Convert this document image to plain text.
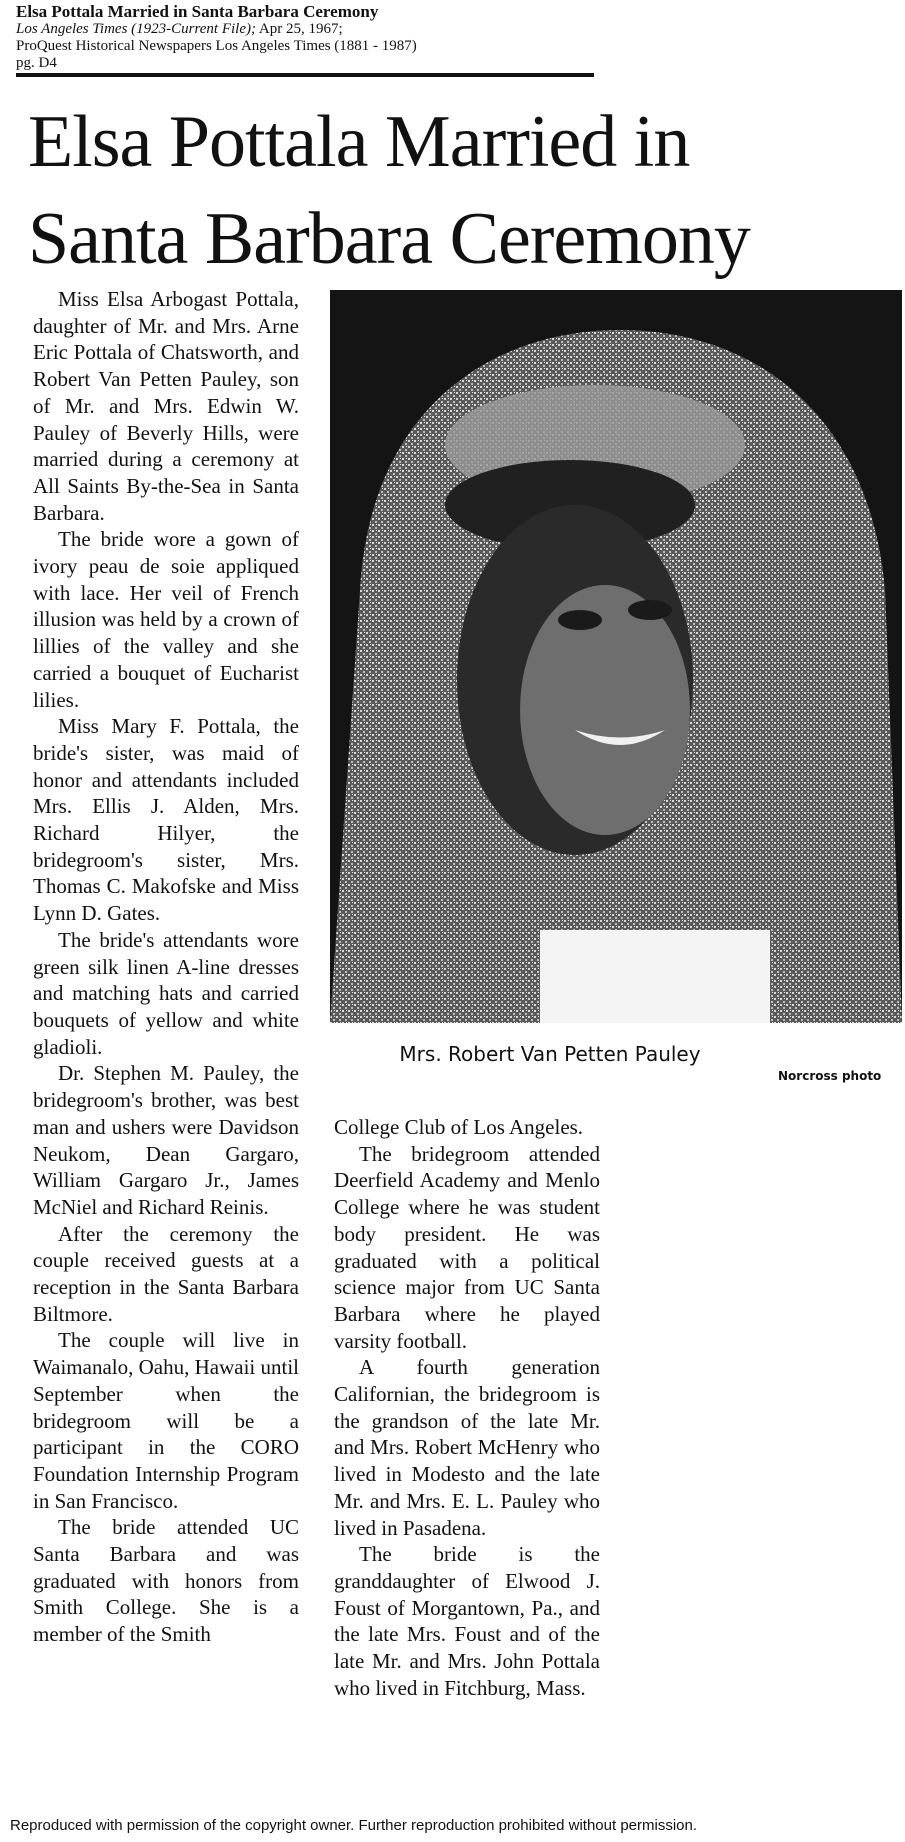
Elsa Pottala Married in Santa Barbara Ceremony
Los Angeles Times (1923-Current File); Apr 25, 1967;
ProQuest Historical Newspapers Los Angeles Times (1881 - 1987)
pg. D4
Elsa Pottala Married in
Santa Barbara Ceremony

Miss Elsa Arbogast Pottala, daughter of Mr. and Mrs. Arne Eric Pottala of Chatsworth, and Robert Van Petten Pauley, son of Mr. and Mrs. Edwin W. Pauley of Beverly Hills, were married during a ceremony at All Saints By-the-Sea in Santa Barbara.

The bride wore a gown of ivory peau de soie appliqued with lace. Her veil of French illusion was held by a crown of lillies of the valley and she carried a bouquet of Eucharist lilies.

Miss Mary F. Pottala, the bride's sister, was maid of honor and attendants included Mrs. Ellis J. Alden, Mrs. Richard Hilyer, the bridegroom's sister, Mrs. Thomas C. Makofske and Miss Lynn D. Gates.

The bride's attendants wore green silk linen A-line dresses and matching hats and carried bouquets of yellow and white gladioli.

Dr. Stephen M. Pauley, the bridegroom's brother, was best man and ushers were Davidson Neukom, Dean Gargaro, William Gargaro Jr., James McNiel and Richard Reinis.

After the ceremony the couple received guests at a reception in the Santa Barbara Biltmore.

The couple will live in Waimanalo, Oahu, Hawaii until September when the bridegroom will be a participant in the CORO Foundation Internship Program in San Francisco.

The bride attended UC Santa Barbara and was graduated with honors from Smith College. She is a member of the Smith

Mrs. Robert Van Petten Pauley
Norcross photo

College Club of Los Angeles.

The bridegroom attended Deerfield Academy and Menlo College where he was student body president. He was graduated with a political science major from UC Santa Barbara where he played varsity football.

A fourth generation Californian, the bridegroom is the grandson of the late Mr. and Mrs. Robert McHenry who lived in Modesto and the late Mr. and Mrs. E. L. Pauley who lived in Pasadena.

The bride is the granddaughter of Elwood J. Foust of Morgantown, Pa., and the late Mrs. Foust and of the late Mr. and Mrs. John Pottala who lived in Fitchburg, Mass.

Reproduced with permission of the copyright owner. Further reproduction prohibited without permission.
